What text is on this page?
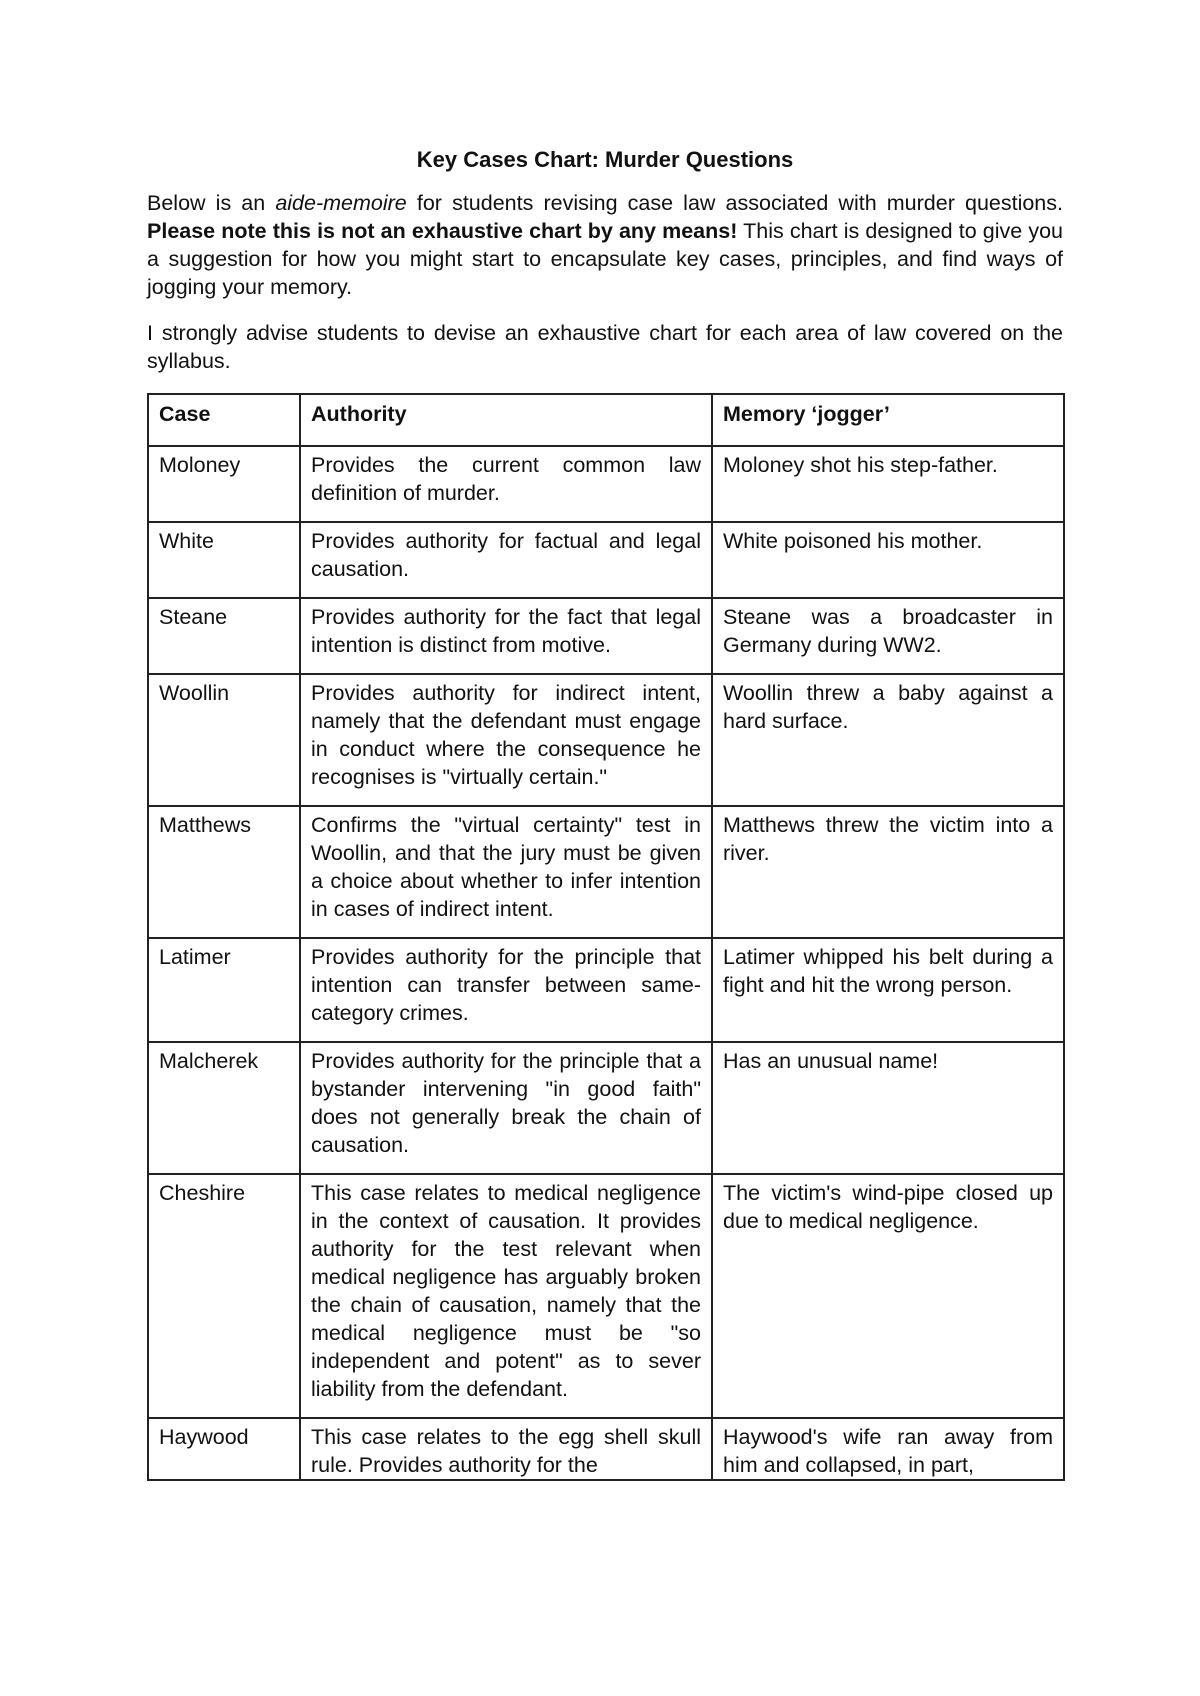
Key Cases Chart: Murder Questions

Below is an aide-memoire for students revising case law associated with murder questions. Please note this is not an exhaustive chart by any means! This chart is designed to give you a suggestion for how you might start to encapsulate key cases, principles, and find ways of jogging your memory.

I strongly advise students to devise an exhaustive chart for each area of law covered on the syllabus.

Case	Authority	Memory ‘jogger’
Moloney	Provides the current common law definition of murder.	Moloney shot his step-father.
White	Provides authority for factual and legal causation.	White poisoned his mother.
Steane	Provides authority for the fact that legal intention is distinct from motive.	Steane was a broadcaster in Germany during WW2.
Woollin	Provides authority for indirect intent, namely that the defendant must engage in conduct where the consequence he recognises is "virtually certain."	Woollin threw a baby against a hard surface.
Matthews	Confirms the "virtual certainty" test in Woollin, and that the jury must be given a choice about whether to infer intention in cases of indirect intent.	Matthews threw the victim into a river.
Latimer	Provides authority for the principle that intention can transfer between same-category crimes.	Latimer whipped his belt during a fight and hit the wrong person.
Malcherek	Provides authority for the principle that a bystander intervening "in good faith" does not generally break the chain of causation.	Has an unusual name!
Cheshire	This case relates to medical negligence in the context of causation. It provides authority for the test relevant when medical negligence has arguably broken the chain of causation, namely that the medical negligence must be "so independent and potent" as to sever liability from the defendant.	The victim's wind-pipe closed up due to medical negligence.

Haywood	This case relates to the egg shell skull rule. Provides authority for the	Haywood's wife ran away from him and collapsed, in part,
